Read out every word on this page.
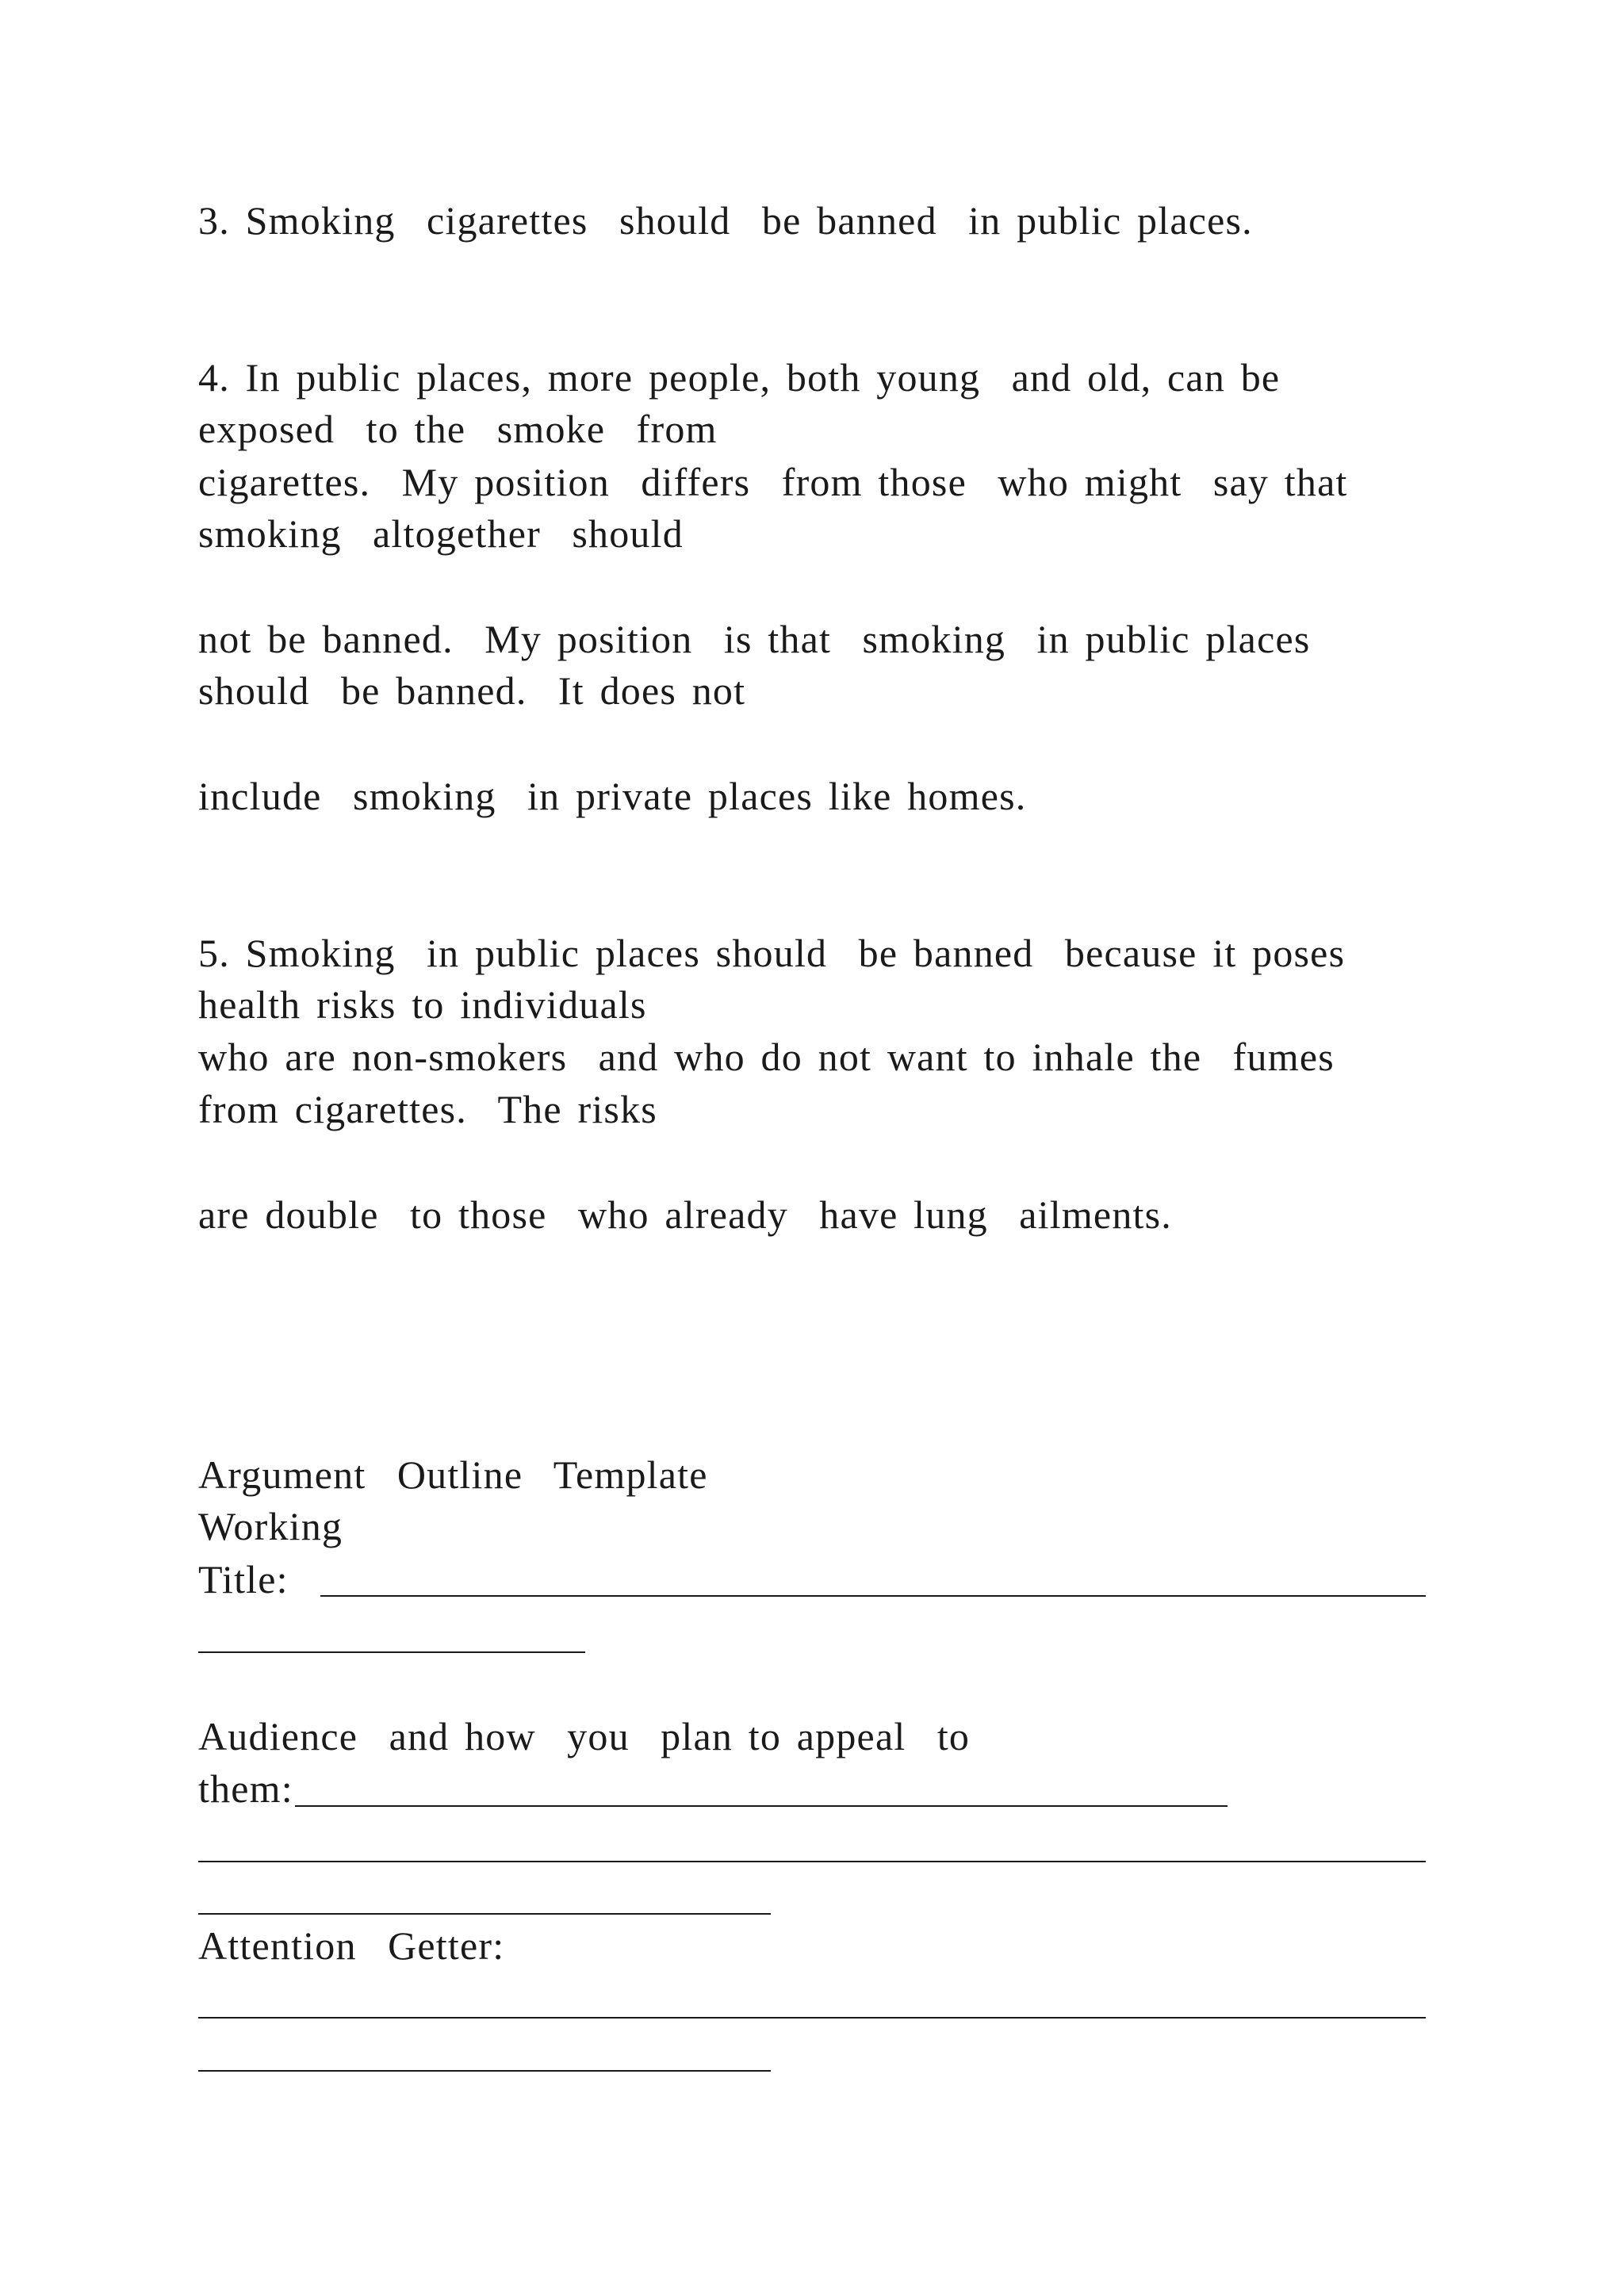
3. Smoking  cigarettes  should  be banned  in public places.

4. In public places, more people, both young  and old, can be

exposed  to the  smoke  from

cigarettes.  My position  differs  from those  who might  say that

smoking  altogether  should

not be banned.  My position  is that  smoking  in public places

should  be banned.  It does not

include  smoking  in private places like homes.

5. Smoking  in public places should  be banned  because it poses

health risks to individuals

who are non-smokers  and who do not want to inhale the  fumes

from cigarettes.  The risks

are double  to those  who already  have lung  ailments.

Argument  Outline  Template

Working

Title:

Audience  and how  you  plan to appeal  to

them:

Attention  Getter:
